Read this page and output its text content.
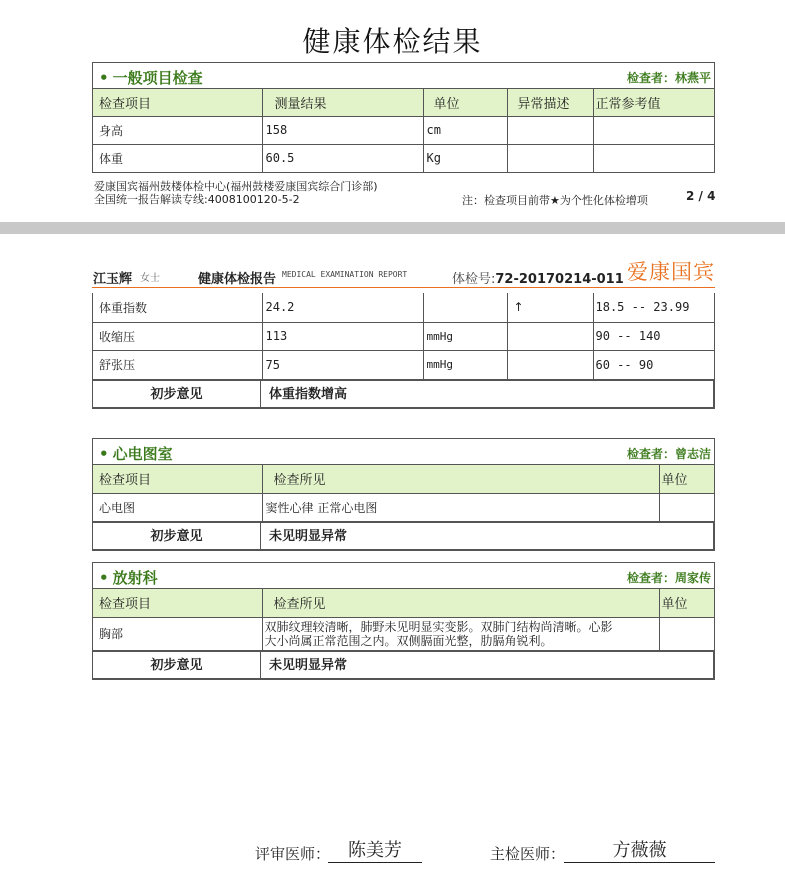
健康体检结果
• 一般项目检查	检查者：林燕平
检查项目	测量结果	单位	异常描述	正常参考值
身高	158	cm		
体重	60.5	Kg		
爱康国宾福州鼓楼体检中心(福州鼓楼爱康国宾综合门诊部)
全国统一报告解读专线:4008100120-5-2	注：检查项目前带★为个性化体检增项	2 / 4
江玉辉 女士	健康体检报告 MEDICAL EXAMINATION REPORT	体检号:72-20170214-011 爱康国宾
体重指数	24.2		↑	18.5 -- 23.99
收缩压	113	mmHg		90 -- 140
舒张压	75	mmHg		60 -- 90
初步意见	体重指数增高
• 心电图室	检查者：曾志洁
检查项目	检查所见	单位
心电图	窦性心律 正常心电图	
初步意见	未见明显异常
• 放射科	检查者：周家传
检查项目	检查所见	单位
胸部	双肺纹理较清晰，肺野未见明显实变影。双肺门结构尚清晰。心影
大小尚属正常范围之内。双侧膈面光整，肋膈角锐利。	

初步意见	未见明显异常
评审医师： 陈美芳	主检医师：	方薇薇
